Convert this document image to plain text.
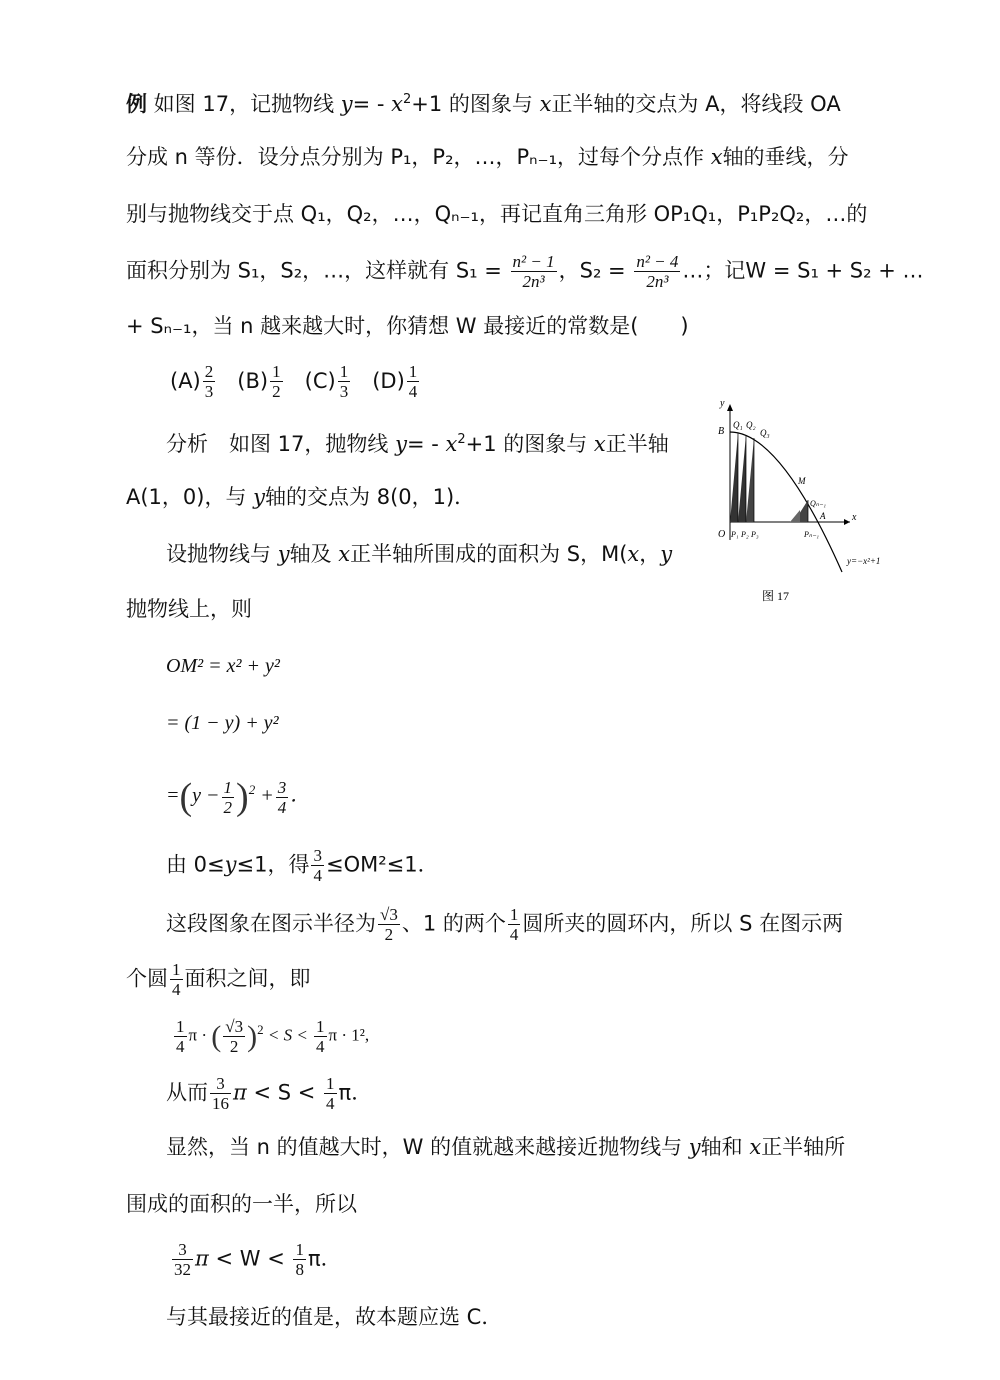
例 如图 17，记抛物线 $y= - x^2+1$ 的图象与 x正半轴的交点为 A，将线段 OA
分成 n 等份．设分点分别为 P₁，P₂，…，Pₙ₋₁，过每个分点作 x轴的垂线，分
别与抛物线交于点 Q₁，Q₂，…，Qₙ₋₁，再记直角三角形 OP₁Q₁，P₁P₂Q₂，…的
面积分别为 S₁，S₂，…，这样就有 $S_1 = \frac{\text{n² − 1}}{\text{2n³}}$ ，$S_2 = \frac{\text{n² − 4}}{\text{2n³}}$ …；记W = S₁ + S₂ + …
+ Sₙ₋₁，当 n 越来越大时，你猜想 W 最接近的常数是(　　)
$(A) \frac{2}{3} (B) \frac{1}{2} (C) \frac{1}{3} (D) \frac{1}{4}$
分析　如图 17，抛物线 $y= - x^2+1$ 的图象与 x正半轴
A(1，0)，与 y轴的交点为 8(0，1)．
设抛物线与 y轴及 x正半轴所围成的面积为 S，M(x，y
抛物线上，则
OM² = x² + y²
= (1 − y) + y²
$=(y - \frac{1}{2} )^2 + \frac{3}{4}$ ．
由 0≤y≤1，得 $\frac{3}{4} \le OM^2\le 1$．
这段图象在图示半径为 $\frac{√3}{2}$ 、1 的两个 $\frac{1}{4}$ 圆所夹的圆环内，所以 S 在图示两
个圆 $\frac{1}{4}$ 面积之间，即
$\frac{1}{4}$ π · ( $\frac{√3}{2} )^2 < S < \frac{1}{4}$ π · 1²,
从而 $\frac{3}{16}$ $\pi < S < \frac{1}{4}$ π．
显然，当 n 的值越大时，W 的值就越来越接近抛物线与 y轴和 x正半轴所
围成的面积的一半，所以
$\frac{3}{32}$ $\pi < W < \frac{1}{8}$ π．
与其最接近的值是，故本题应选 C．
y
x
O
B
Q₁ Q₂
Q₃
M
Qₙ₋₁
A
P₁ P₂ P₃	Pₙ₋₁
y=−x²+1
图 17
